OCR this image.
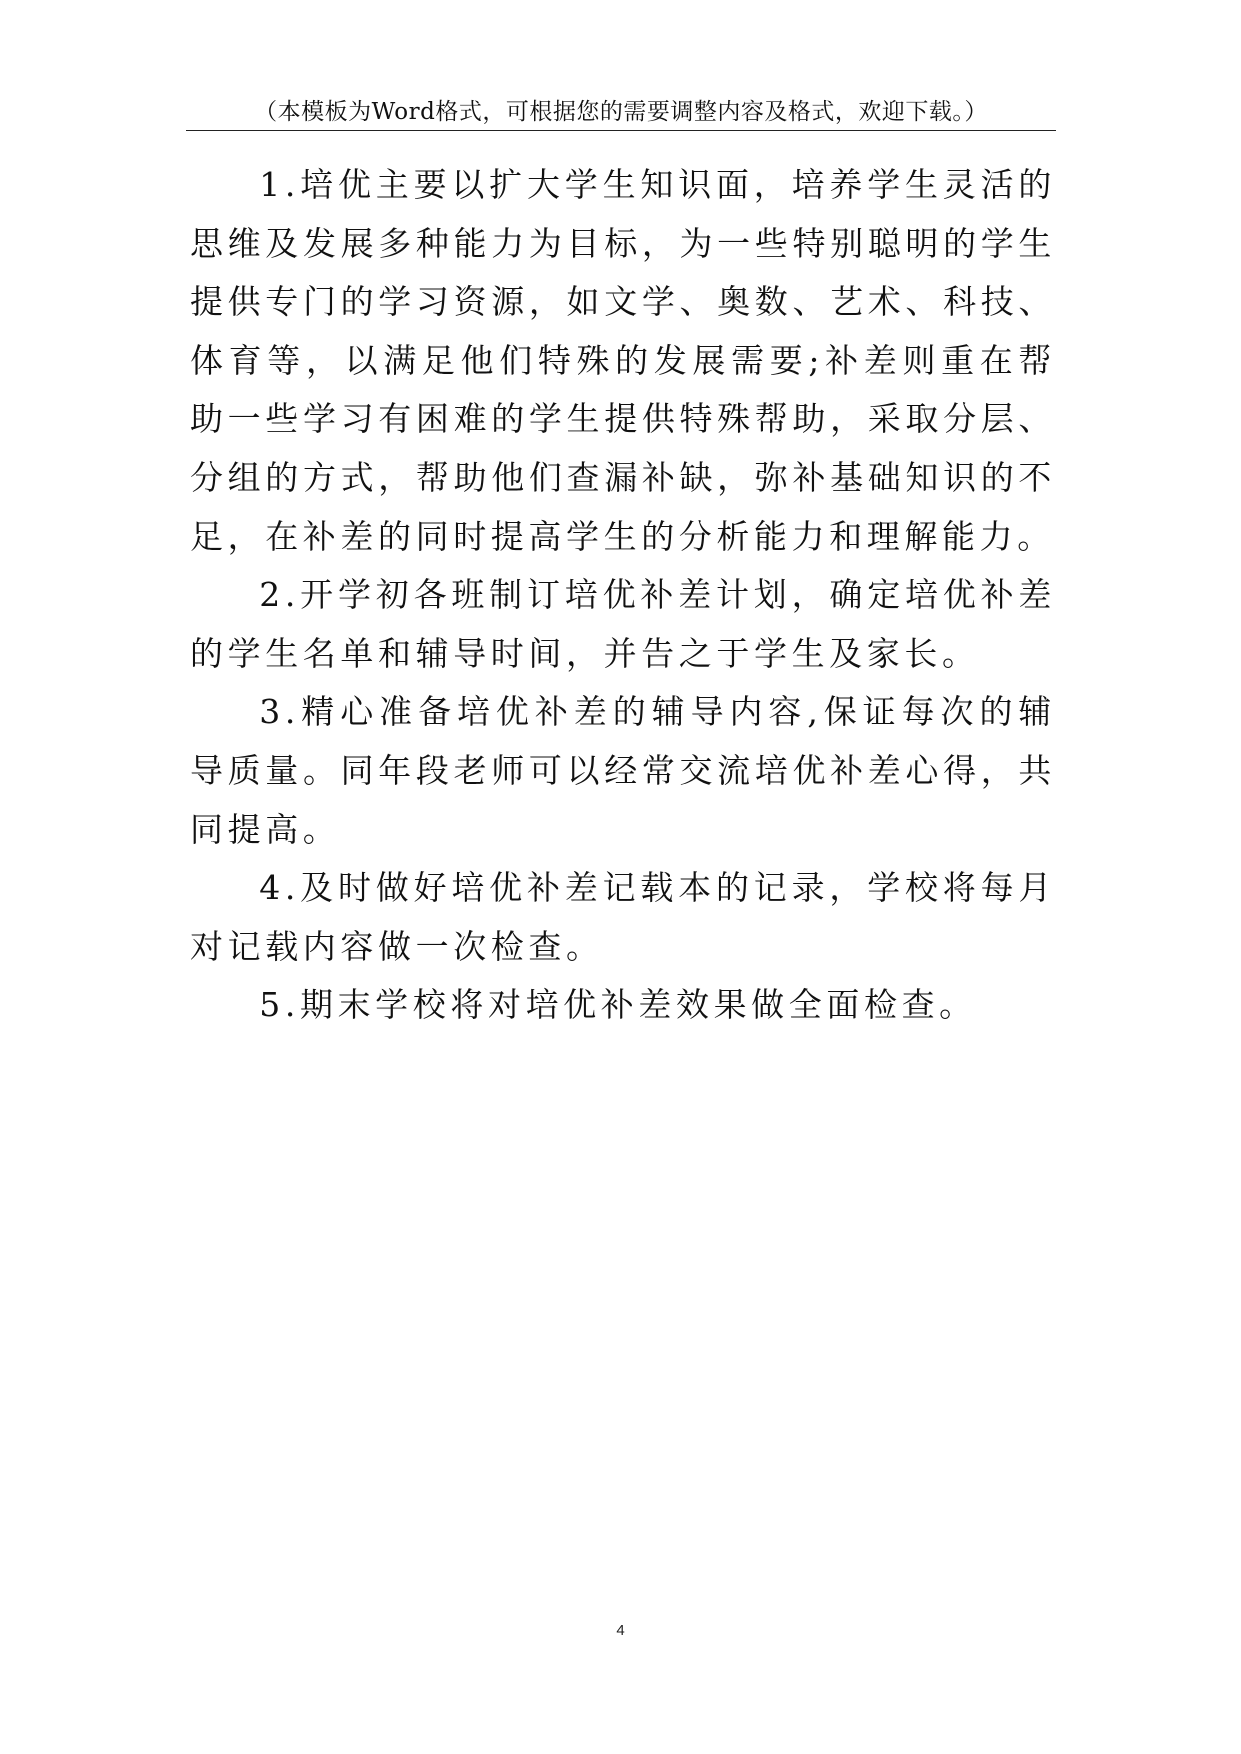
（本模板为Word格式，可根据您的需要调整内容及格式，欢迎下载。）

1.培优主要以扩大学生知识面，培养学生灵活的思维及发展多种能力为目标，为一些特别聪明的学生提供专门的学习资源，如文学、奥数、艺术、科技、体育等，以满足他们特殊的发展需要;补差则重在帮助一些学习有困难的学生提供特殊帮助，采取分层、分组的方式，帮助他们查漏补缺，弥补基础知识的不足，在补差的同时提高学生的分析能力和理解能力。

2.开学初各班制订培优补差计划，确定培优补差的学生名单和辅导时间，并告之于学生及家长。

3.精心准备培优补差的辅导内容,保证每次的辅导质量。同年段老师可以经常交流培优补差心得，共同提高。

4.及时做好培优补差记载本的记录，学校将每月对记载内容做一次检查。

5.期末学校将对培优补差效果做全面检查。

4
